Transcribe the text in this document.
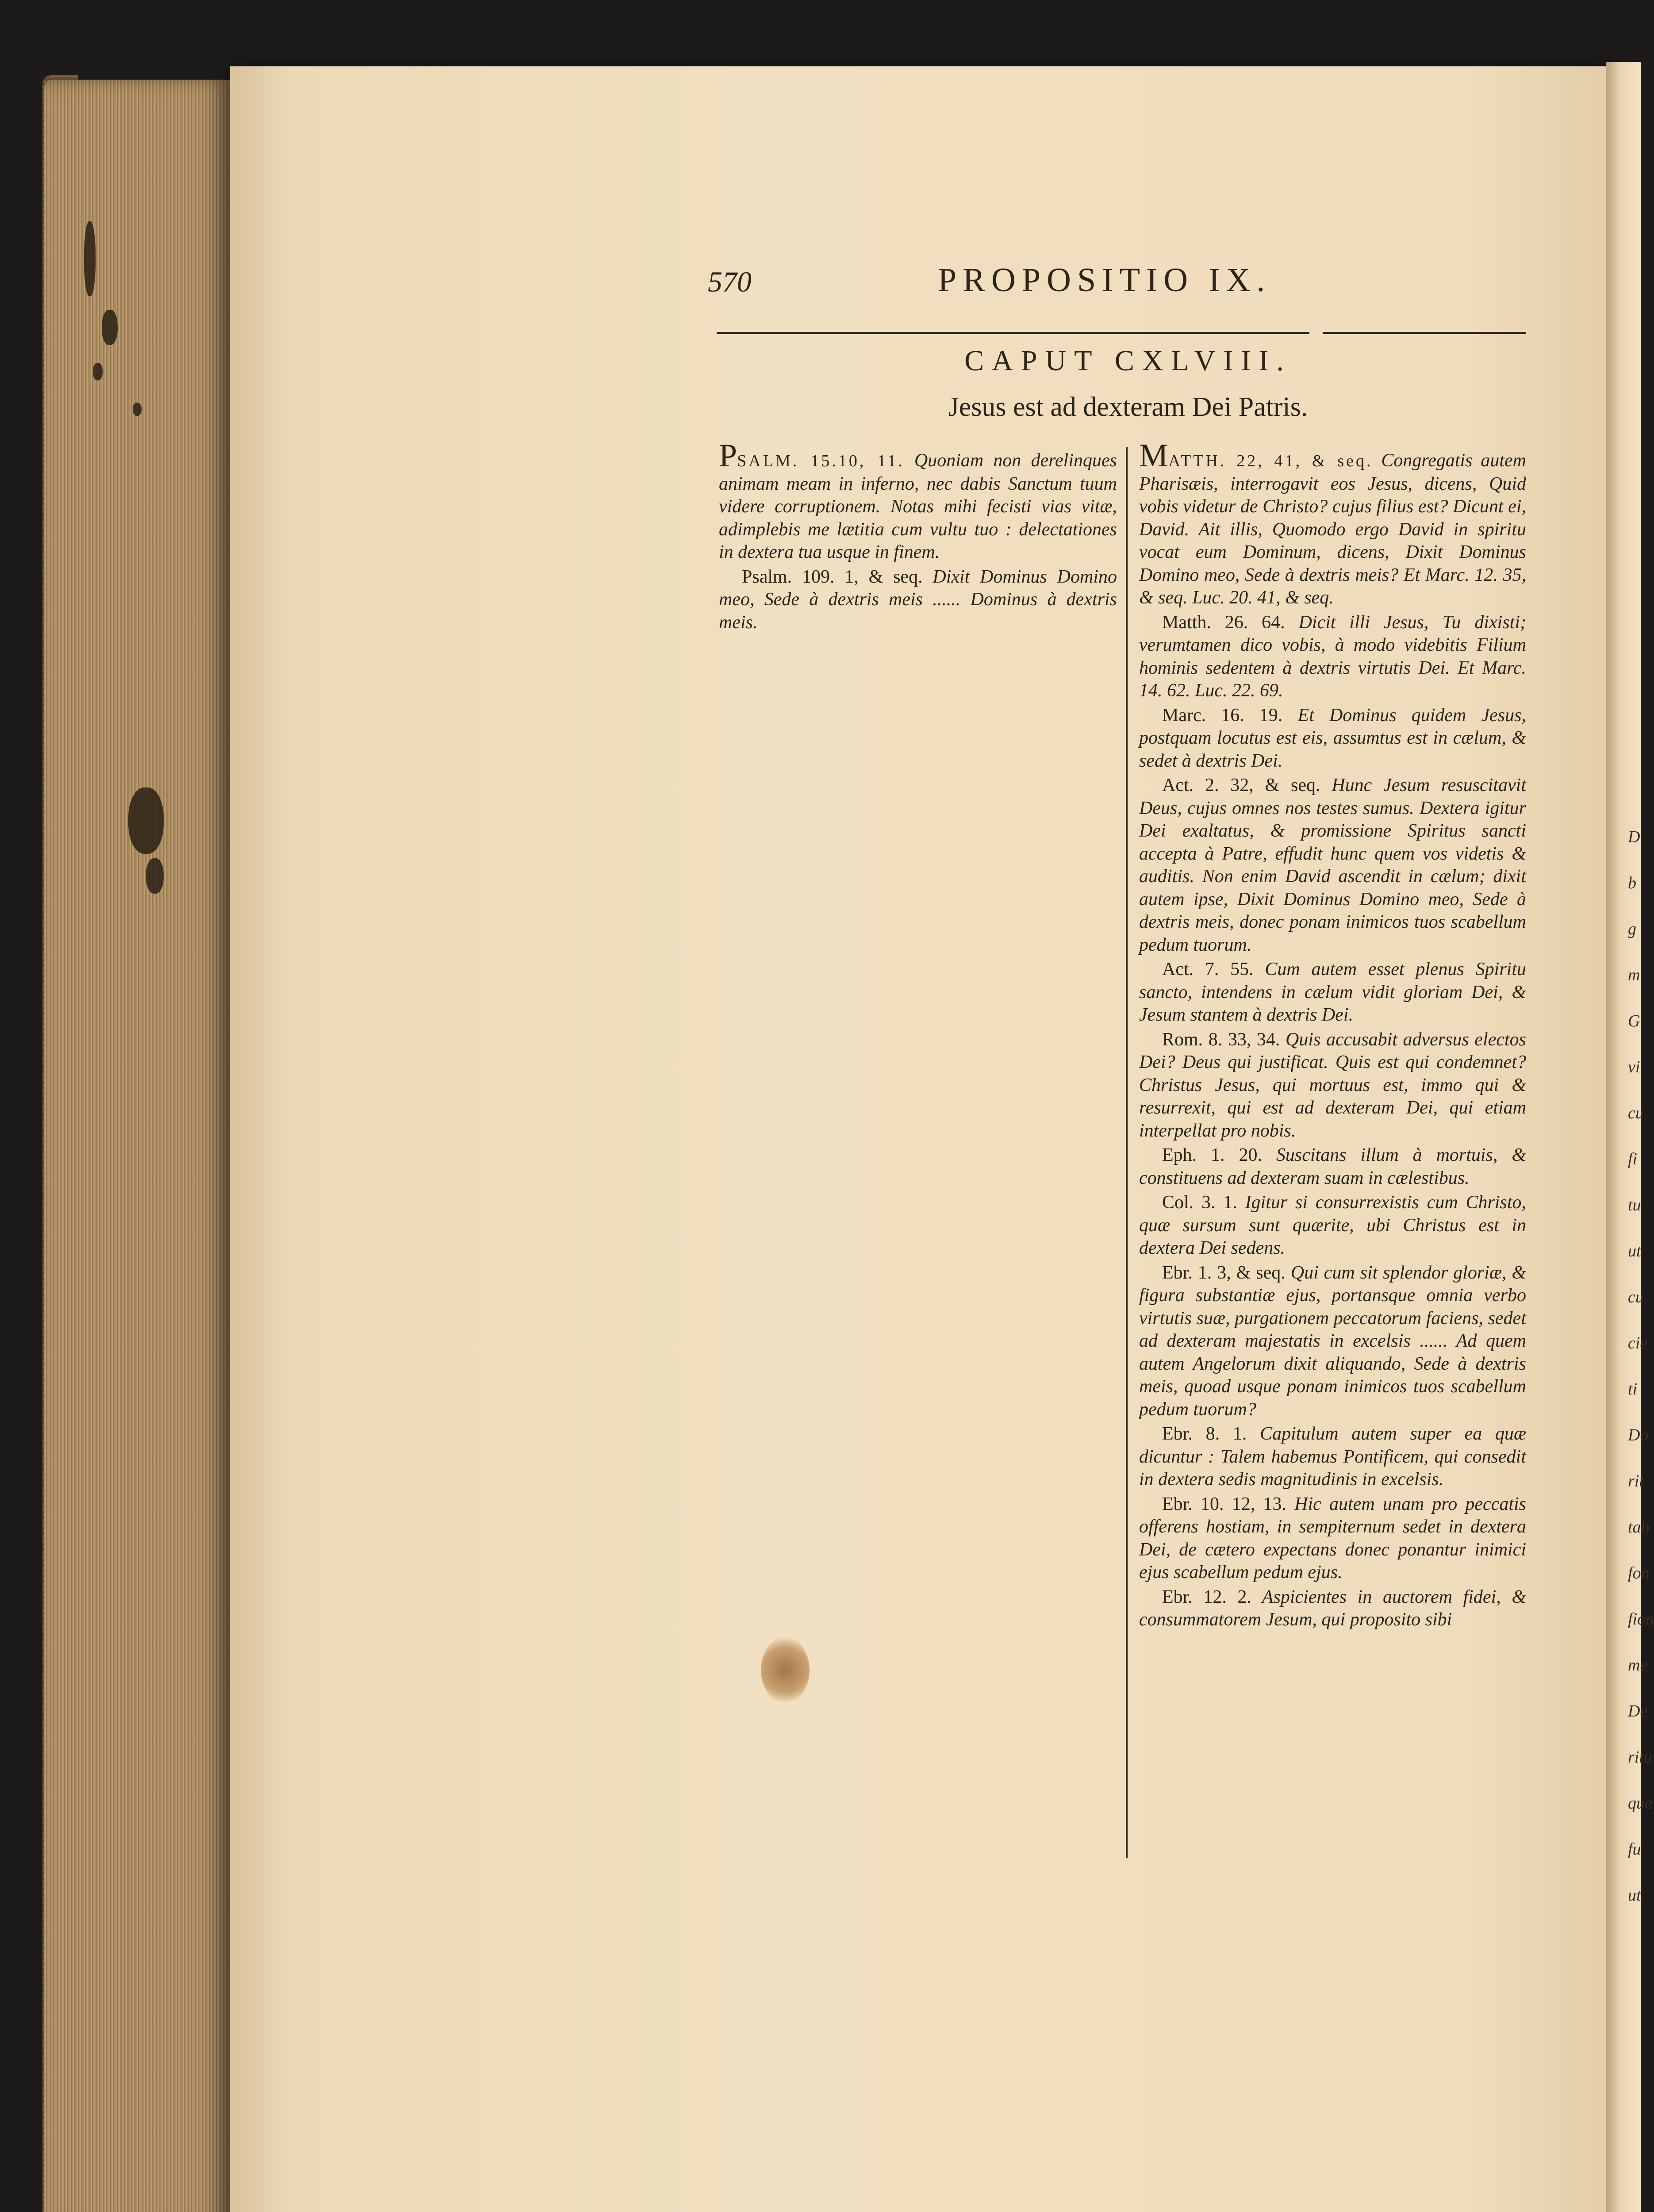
D
b
g
m
G
vi
cu
fi
tu
ut
cu
cie
ti
Do
rit
tab
fon
fion
me
De
ritu
que
fu
ut
570	PROPOSITIO IX.
CAPUT CXLVIII.
Jesus est ad dexteram Dei Patris.

PSALM. 15.10, 11. Quoniam non derelinques animam meam in inferno, nec dabis Sanctum tuum videre corruptionem. Notas mihi fecisti vias vitæ, adimplebis me lætitia cum vultu tuo : delectationes in dextera tua usque in finem.

Psalm. 109. 1, & seq. Dixit Dominus Domino meo, Sede à dextris meis ...... Dominus à dextris meis.

MATTH. 22, 41, & seq. Congregatis autem Pharisæis, interrogavit eos Jesus, dicens, Quid vobis videtur de Christo? cujus filius est? Dicunt ei, David. Ait illis, Quomodo ergo David in spiritu vocat eum Dominum, dicens, Dixit Dominus Domino meo, Sede à dextris meis? Et Marc. 12. 35, & seq. Luc. 20. 41, & seq.

Matth. 26. 64. Dicit illi Jesus, Tu dixisti; verumtamen dico vobis, à modo videbitis Filium hominis sedentem à dextris virtutis Dei. Et Marc. 14. 62. Luc. 22. 69.

Marc. 16. 19. Et Dominus quidem Jesus, postquam locutus est eis, assumtus est in cælum, & sedet à dextris Dei.

Act. 2. 32, & seq. Hunc Jesum resuscitavit Deus, cujus omnes nos testes sumus. Dextera igitur Dei exaltatus, & promissione Spiritus sancti accepta à Patre, effudit hunc quem vos videtis & auditis. Non enim David ascendit in cælum; dixit autem ipse, Dixit Dominus Domino meo, Sede à dextris meis, donec ponam inimicos tuos scabellum pedum tuorum.

Act. 7. 55. Cum autem esset plenus Spiritu sancto, intendens in cælum vidit gloriam Dei, & Jesum stantem à dextris Dei.

Rom. 8. 33, 34. Quis accusabit adversus electos Dei? Deus qui justificat. Quis est qui condemnet? Christus Jesus, qui mortuus est, immo qui & resurrexit, qui est ad dexteram Dei, qui etiam interpellat pro nobis.

Eph. 1. 20. Suscitans illum à mortuis, & constituens ad dexteram suam in cælestibus.

Col. 3. 1. Igitur si consurrexistis cum Christo, quæ sursum sunt quærite, ubi Christus est in dextera Dei sedens.

Ebr. 1. 3, & seq. Qui cum sit splendor gloriæ, & figura substantiæ ejus, portansque omnia verbo virtutis suæ, purgationem peccatorum faciens, sedet ad dexteram majestatis in excelsis ...... Ad quem autem Angelorum dixit aliquando, Sede à dextris meis, quoad usque ponam inimicos tuos scabellum pedum tuorum?

Ebr. 8. 1. Capitulum autem super ea quæ dicuntur : Talem habemus Pontificem, qui consedit in dextera sedis magnitudinis in excelsis.

Ebr. 10. 12, 13. Hic autem unam pro peccatis offerens hostiam, in sempiternum sedet in dextera Dei, de cætero expectans donec ponantur inimici ejus scabellum pedum ejus.

Ebr. 12. 2. Aspicientes in auctorem fidei, & consummatorem Jesum, qui proposito sibi
